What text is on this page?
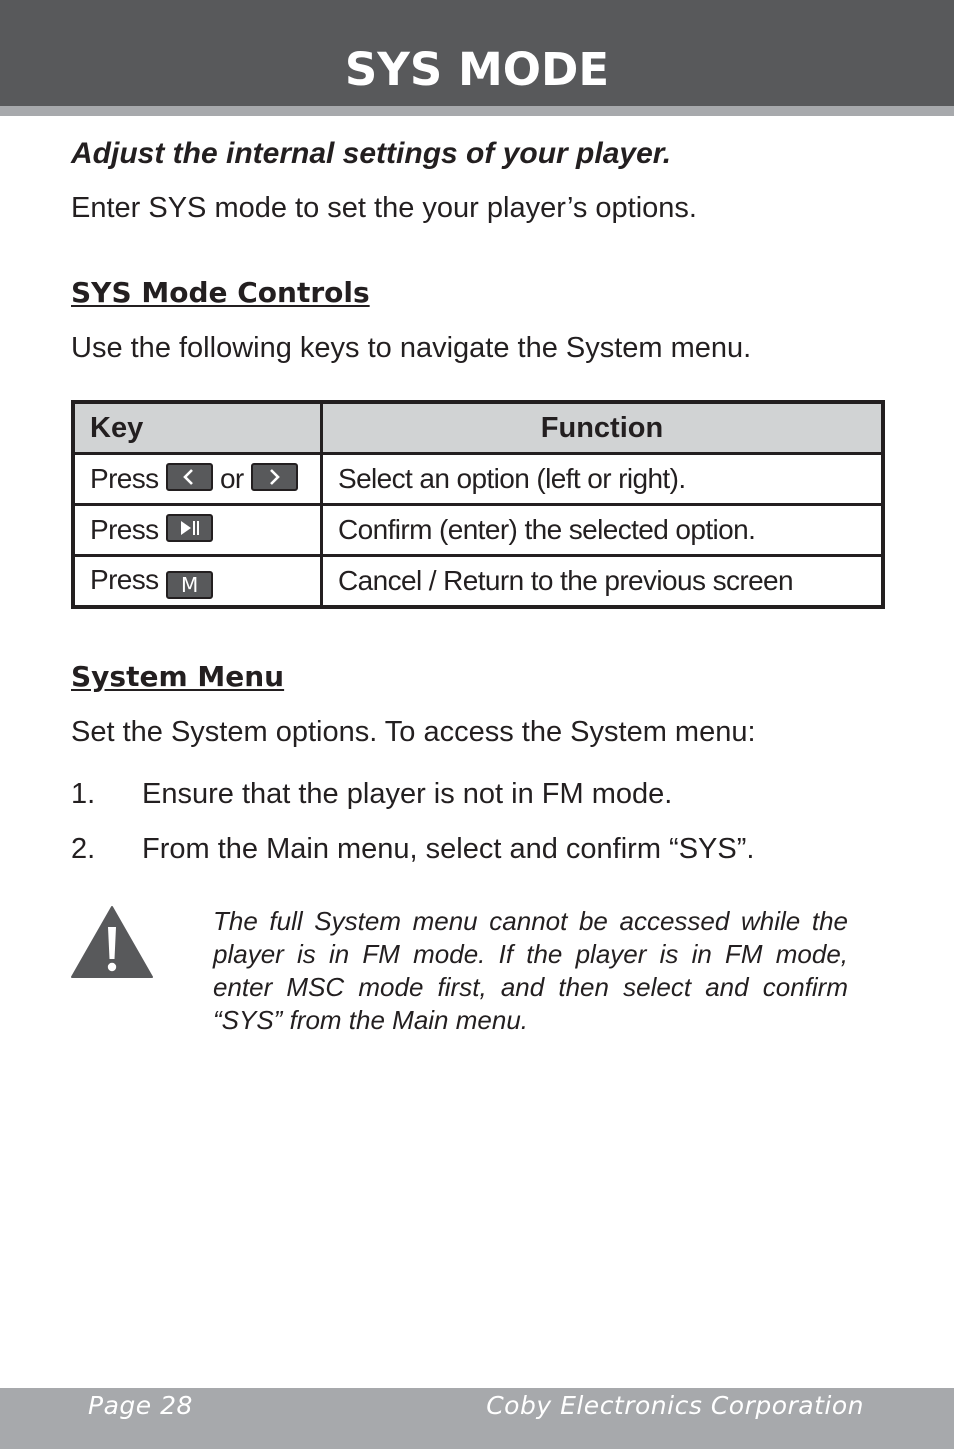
SYS MODE
Adjust the internal settings of your player.
Enter SYS mode to set the your player’s options.
SYS Mode Controls
Use the following keys to navigate the System menu.
Key	Function
Press or	Select an option (left or right).
Press	Confirm (enter) the selected option.
Press M	Cancel / Return to the previous screen
System Menu
Set the System options. To access the System menu:
1. Ensure that the player is not in FM mode.
2. From the Main menu, select and confirm “SYS”.
The full System menu cannot be accessed while the player is in FM mode. If the player is in FM mode, enter MSC mode first, and then select and confirm “SYS” from the Main menu.
Page 28	Coby Electronics Corporation
